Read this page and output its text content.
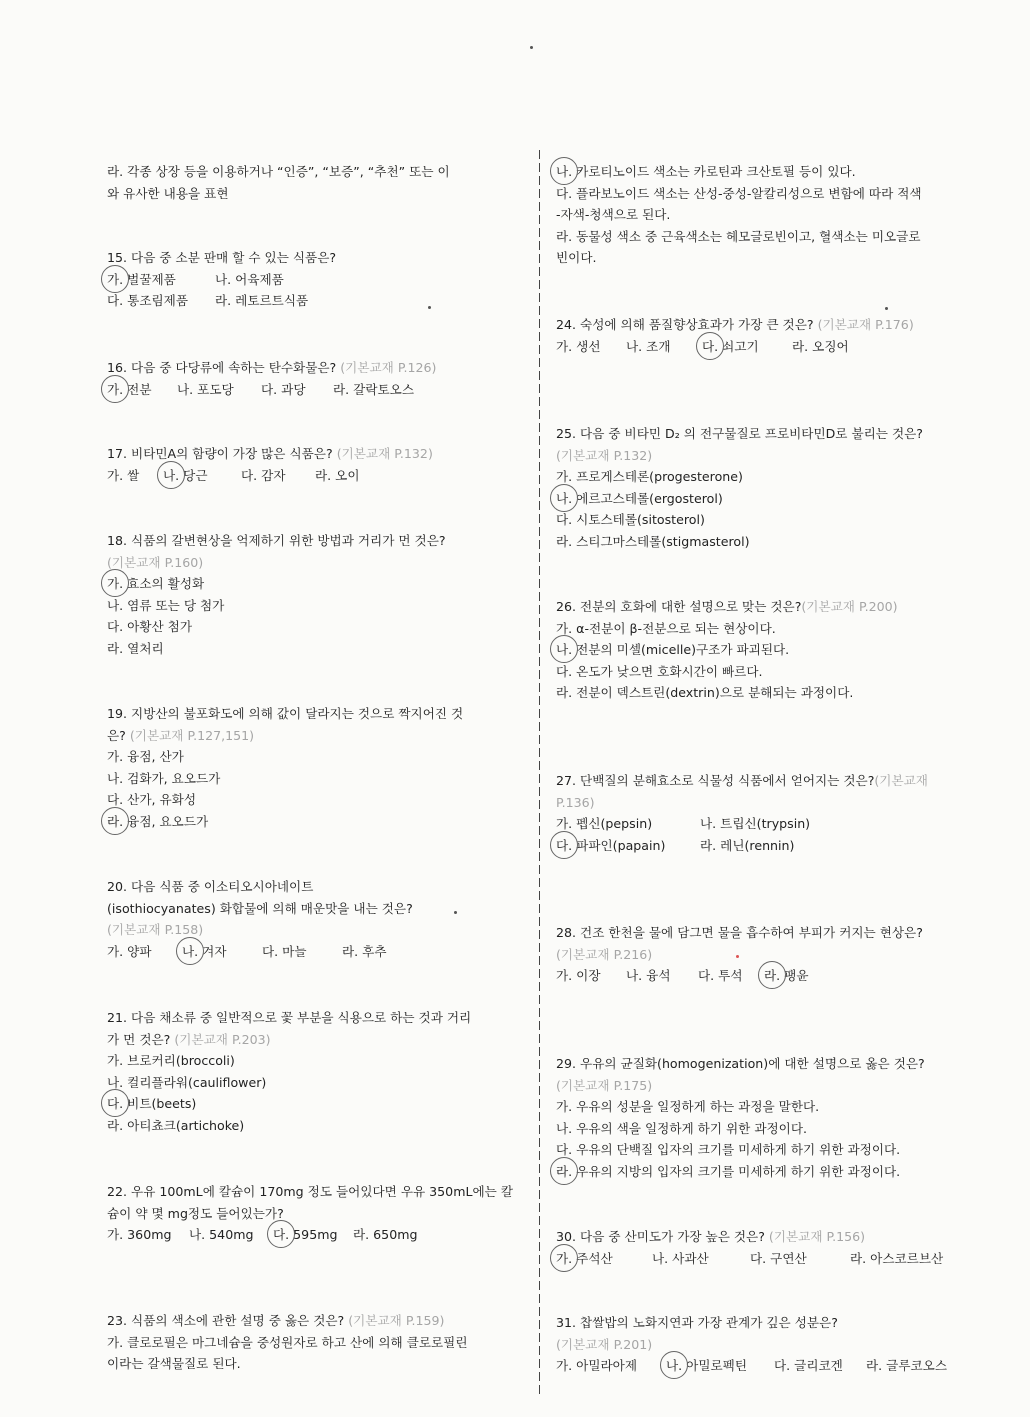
라. 각종 상장 등을 이용하거나 “인증”, “보증”, “추천” 또는 이

와 유사한 내용을 표현

15. 다음 중 소분 판매 할 수 있는 식품은?

가. 벌꿀제품	나. 어육제품

다. 통조림제품 라. 레토르트식품

16. 다음 중 다당류에 속하는 탄수화물은? (기본교재 P.126)

가. 전분 나. 포도당 다. 과당 라. 갈락토오스

17. 비타민A의 함량이 가장 많은 식품은? (기본교재 P.132)

가. 쌀 나. 당근	다. 감자 라. 오이

18. 식품의 갈변현상을 억제하기 위한 방법과 거리가 먼 것은?

(기본교재 P.160)

가. 효소의 활성화

나. 염류 또는 당 첨가

다. 아황산 첨가

라. 열처리

19. 지방산의 불포화도에 의해 값이 달라지는 것으로 짝지어진 것

은? (기본교재 P.127,151)

가. 융점, 산가

나. 검화가, 요오드가

다. 산가, 유화성

라. 융점, 요오드가

20. 다음 식품 중 이소티오시아네이트

(isothiocyanates) 화합물에 의해 매운맛을 내는 것은?

(기본교재 P.158)

가. 양파 나. 겨자	다. 마늘	라. 후추

21. 다음 채소류 중 일반적으로 꽃 부분을 식용으로 하는 것과 거리

가 먼 것은? (기본교재 P.203)

가. 브로커리(broccoli)

나. 컬리플라워(cauliflower)

다. 비트(beets)

라. 아티쵸크(artichoke)

22. 우유 100mL에 칼슘이 170mg 정도 들어있다면 우유 350mL에는 칼

슘이 약 몇 mg정도 들어있는가?

가. 360mg 나. 540mg 다. 595mg 라. 650mg

23. 식품의 색소에 관한 설명 중 옳은 것은? (기본교재 P.159)

가. 클로로필은 마그네슘을 중성원자로 하고 산에 의해 클로로필린

이라는 갈색물질로 된다.

나. 카로티노이드 색소는 카로틴과 크산토필 등이 있다.

다. 플라보노이드 색소는 산성-중성-알칼리성으로 변함에 따라 적색

-자색-청색으로 된다.

라. 동물성 색소 중 근육색소는 헤모글로빈이고, 혈색소는 미오글로

빈이다.

24. 숙성에 의해 품질향상효과가 가장 큰 것은? (기본교재 P.176)

가. 생선 나. 조개 다. 쇠고기	라. 오징어

25. 다음 중 비타민 D₂ 의 전구물질로 프로비타민D로 불리는 것은?

(기본교재 P.132)

가. 프로게스테론(progesterone)

나. 에르고스테롤(ergosterol)

다. 시토스테롤(sitosterol)

라. 스티그마스테롤(stigmasterol)

26. 전분의 호화에 대한 설명으로 맞는 것은?(기본교재 P.200)

가. α-전분이 β-전분으로 되는 현상이다.

나. 전분의 미셀(micelle)구조가 파괴된다.

다. 온도가 낮으면 호화시간이 빠르다.

라. 전분이 덱스트린(dextrin)으로 분해되는 과정이다.

27. 단백질의 분해효소로 식물성 식품에서 얻어지는 것은?(기본교재

P.136)

가. 펩신(pepsin)	나. 트립신(trypsin)

다. 파파인(papain)	라. 레닌(rennin)

28. 건조 한천을 물에 담그면 물을 흡수하여 부피가 커지는 현상은?

(기본교재 P.216)

가. 이장 나. 융석 다. 투석 라. 팽윤

29. 우유의 균질화(homogenization)에 대한 설명으로 옳은 것은?

(기본교재 P.175)

가. 우유의 성분을 일정하게 하는 과정을 말한다.

나. 우유의 색을 일정하게 하기 위한 과정이다.

다. 우유의 단백질 입자의 크기를 미세하게 하기 위한 과정이다.

라. 우유의 지방의 입자의 크기를 미세하게 하기 위한 과정이다.

30. 다음 중 산미도가 가장 높은 것은? (기본교재 P.156)

가. 주석산	나. 사과산	다. 구연산	라. 아스코르브산

31. 찹쌀밥의 노화지연과 가장 관계가 깊은 성분은?

(기본교재 P.201)

가. 아밀라아제 나. 아밀로펙틴 다. 글리코겐 라. 글루코오스
